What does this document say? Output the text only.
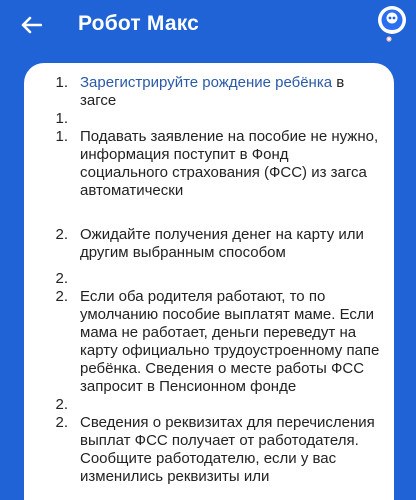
Робот Макс
1. Зарегистрируйте рождение ребёнка в загсе
1.
1. Подавать заявление на пособие не нужно, информация поступит в Фонд социального страхования (ФСС) из загса автоматически
2. Ожидайте получения денег на карту или другим выбранным способом
2.
2. Если оба родителя работают, то по умолчанию пособие выплатят маме. Если мама не работает, деньги переведут на карту официально трудоустроенному папе ребёнка. Сведения о месте работы ФСС запросит в Пенсионном фонде
2.
2. Сведения о реквизитах для перечисления выплат ФСС получает от работодателя. Сообщите работодателю, если у вас изменились реквизиты или
